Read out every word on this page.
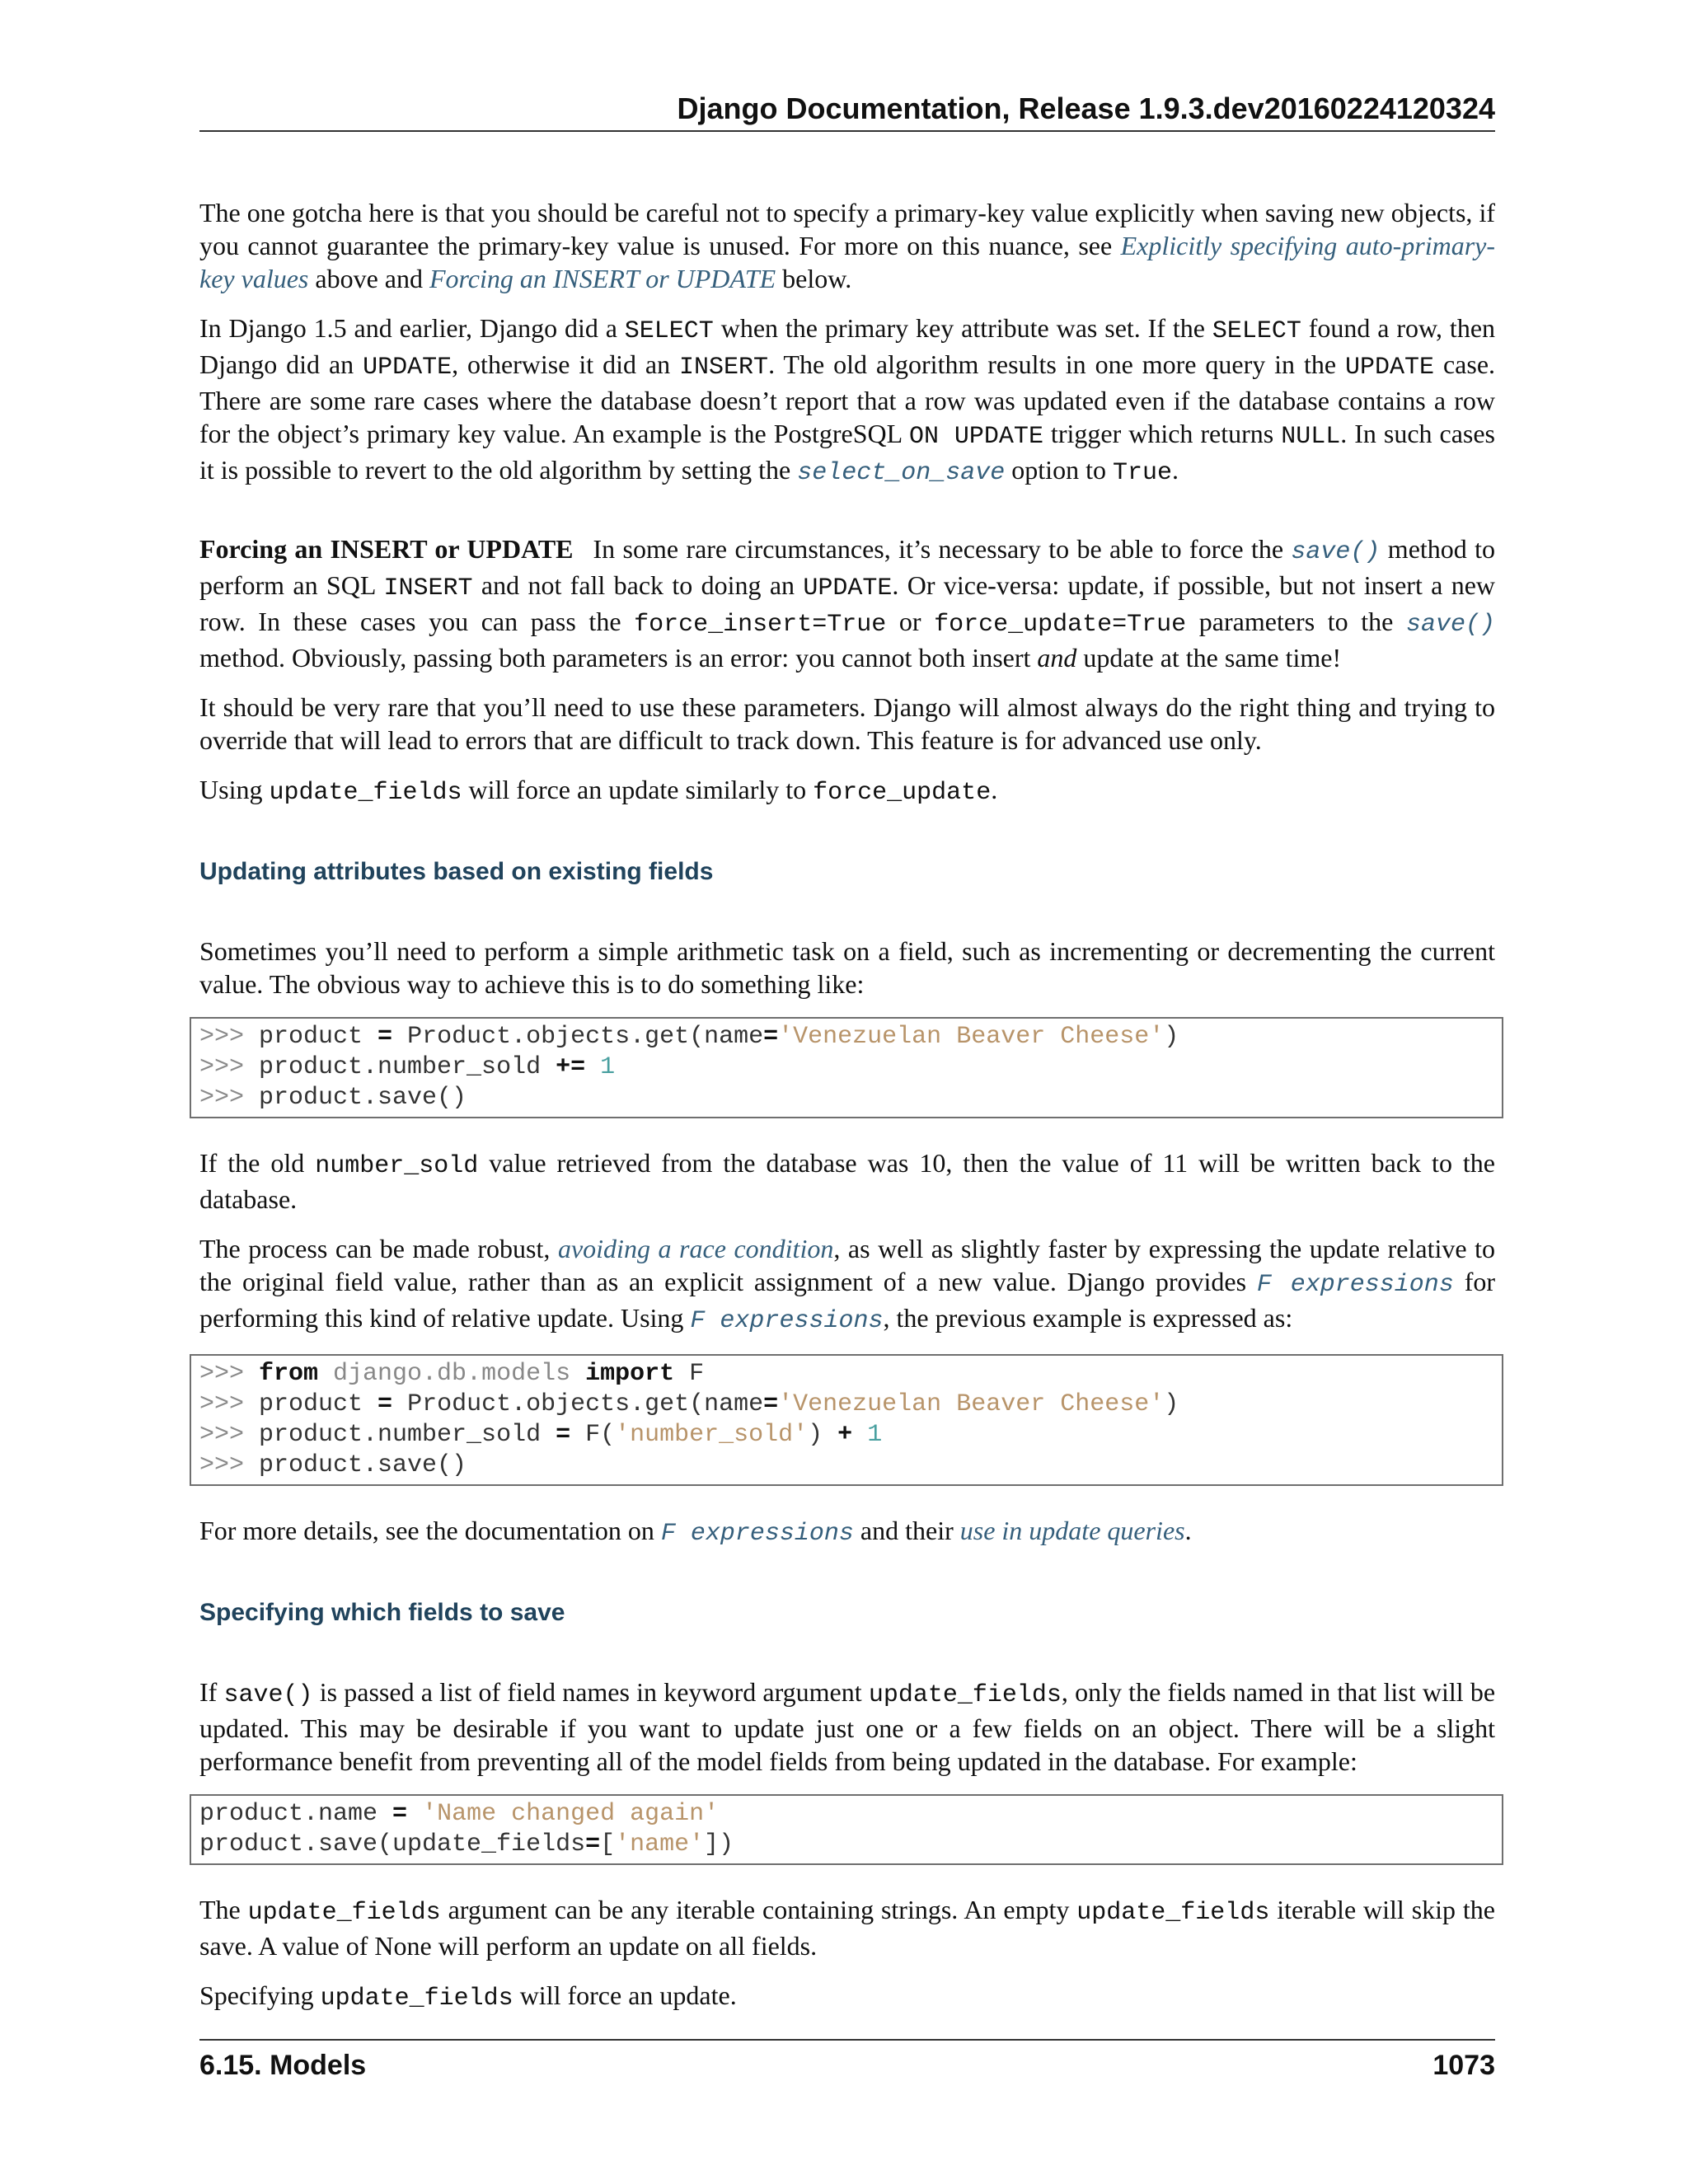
Django Documentation, Release 1.9.3.dev20160224120324

The one gotcha here is that you should be careful not to specify a primary-key value explicitly when saving new objects, if you cannot guarantee the primary-key value is unused. For more on this nuance, see Explicitly specifying auto-primary-key values above and Forcing an INSERT or UPDATE below.

In Django 1.5 and earlier, Django did a SELECT when the primary key attribute was set. If the SELECT found a row, then Django did an UPDATE, otherwise it did an INSERT. The old algorithm results in one more query in the UPDATE case. There are some rare cases where the database doesn’t report that a row was updated even if the database contains a row for the object’s primary key value. An example is the PostgreSQL ON UPDATE trigger which returns NULL. In such cases it is possible to revert to the old algorithm by setting the select_on_save option to True.

Forcing an INSERT or UPDATE In some rare circumstances, it’s necessary to be able to force the save() method to perform an SQL INSERT and not fall back to doing an UPDATE. Or vice-versa: update, if possible, but not insert a new row. In these cases you can pass the force_insert=True or force_update=True parameters to the save() method. Obviously, passing both parameters is an error: you cannot both insert and update at the same time!

It should be very rare that you’ll need to use these parameters. Django will almost always do the right thing and trying to override that will lead to errors that are difficult to track down. This feature is for advanced use only.

Using update_fields will force an update similarly to force_update.

Updating attributes based on existing fields

Sometimes you’ll need to perform a simple arithmetic task on a field, such as incrementing or decrementing the current value. The obvious way to achieve this is to do something like:

>>> product = Product.objects.get(name='Venezuelan Beaver Cheese')
>>> product.number_sold += 1
>>> product.save()

If the old number_sold value retrieved from the database was 10, then the value of 11 will be written back to the database.

The process can be made robust, avoiding a race condition, as well as slightly faster by expressing the update relative to the original field value, rather than as an explicit assignment of a new value. Django provides F expressions for performing this kind of relative update. Using F expressions, the previous example is expressed as:

>>> from django.db.models import F
>>> product = Product.objects.get(name='Venezuelan Beaver Cheese')
>>> product.number_sold = F('number_sold') + 1
>>> product.save()

For more details, see the documentation on F expressions and their use in update queries.

Specifying which fields to save

If save() is passed a list of field names in keyword argument update_fields, only the fields named in that list will be updated. This may be desirable if you want to update just one or a few fields on an object. There will be a slight performance benefit from preventing all of the model fields from being updated in the database. For example:

product.name = 'Name changed again'
product.save(update_fields=['name'])

The update_fields argument can be any iterable containing strings. An empty update_fields iterable will skip the save. A value of None will perform an update on all fields.

Specifying update_fields will force an update.

6.15. Models	1073
